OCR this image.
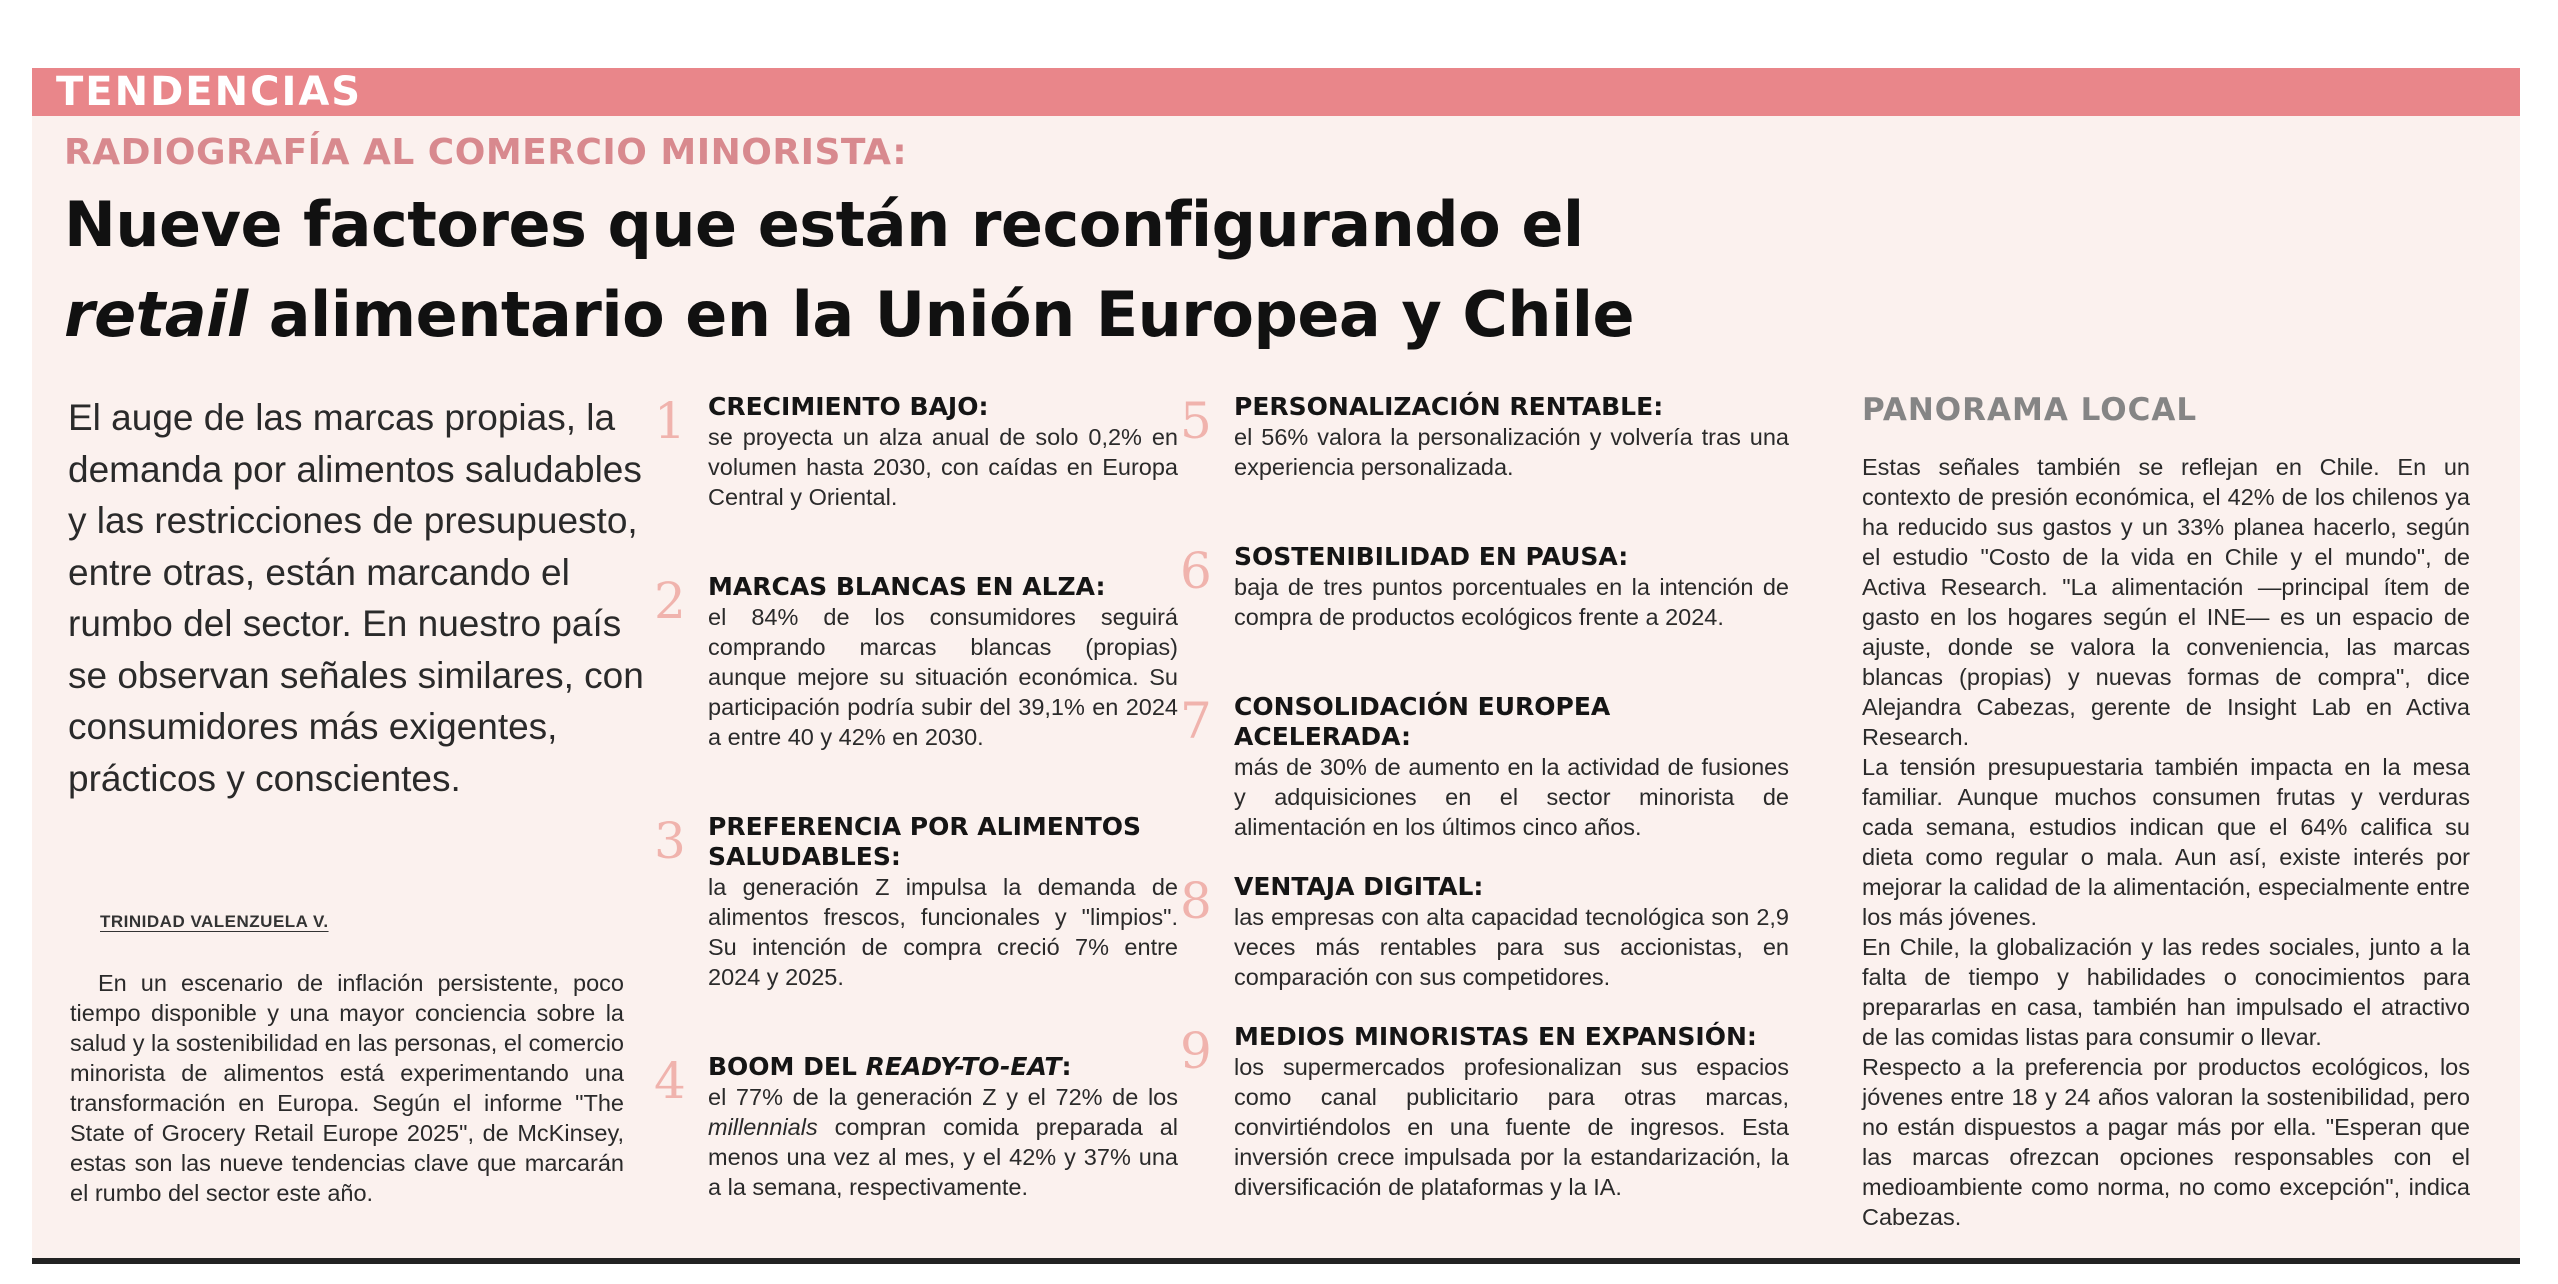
TENDENCIAS
RADIOGRAFÍA AL COMERCIO MINORISTA:
Nueve factores que están reconfigurando el
retail alimentario en la Unión Europea y Chile
El auge de las marcas propias, la demanda por alimentos saludables y las restricciones de presupuesto, entre otras, están marcando el rumbo del sector. En nuestro país se observan señales similares, con consumidores más exigentes, prácticos y conscientes.
TRINIDAD VALENZUELA V.
En un escenario de inflación persistente, poco tiempo disponible y una mayor conciencia sobre la salud y la sostenibilidad en las personas, el comercio minorista de alimentos está experimentando una transformación en Europa. Según el informe "The State of Grocery Retail Europe 2025", de McKinsey, estas son las nueve tendencias clave que marcarán el rumbo del sector este año.
1 CRECIMIENTO BAJO:
se proyecta un alza anual de solo 0,2% en volumen hasta 2030, con caídas en Europa Central y Oriental.
2 MARCAS BLANCAS EN ALZA:
el 84% de los consumidores seguirá comprando marcas blancas (propias) aunque mejore su situación económica. Su participación podría subir del 39,1% en 2024 a entre 40 y 42% en 2030.
3 PREFERENCIA POR ALIMENTOS SALUDABLES:
la generación Z impulsa la demanda de alimentos frescos, funcionales y "limpios". Su intención de compra creció 7% entre 2024 y 2025.
4 BOOM DEL READY-TO-EAT:
el 77% de la generación Z y el 72% de los millennials compran comida preparada al menos una vez al mes, y el 42% y 37% una a la semana, respectivamente.
5 PERSONALIZACIÓN RENTABLE:
el 56% valora la personalización y volvería tras una experiencia personalizada.
6 SOSTENIBILIDAD EN PAUSA:
baja de tres puntos porcentuales en la intención de compra de productos ecológicos frente a 2024.
7 CONSOLIDACIÓN EUROPEA ACELERADA:
más de 30% de aumento en la actividad de fusiones y adquisiciones en el sector minorista de alimentación en los últimos cinco años.
8 VENTAJA DIGITAL:
las empresas con alta capacidad tecnológica son 2,9 veces más rentables para sus accionistas, en comparación con sus competidores.
9 MEDIOS MINORISTAS EN EXPANSIÓN:
los supermercados profesionalizan sus espacios como canal publicitario para otras marcas, convirtiéndolos en una fuente de ingresos. Esta inversión crece impulsada por la estandarización, la diversificación de plataformas y la IA.
PANORAMA LOCAL

Estas señales también se reflejan en Chile. En un contexto de presión económica, el 42% de los chilenos ya ha reducido sus gastos y un 33% planea hacerlo, según el estudio "Costo de la vida en Chile y el mundo", de Activa Research. "La alimentación —principal ítem de gasto en los hogares según el INE— es un espacio de ajuste, donde se valora la conveniencia, las marcas blancas (propias) y nuevas formas de compra", dice Alejandra Cabezas, gerente de Insight Lab en Activa Research.

La tensión presupuestaria también impacta en la mesa familiar. Aunque muchos consumen frutas y verduras cada semana, estudios indican que el 64% califica su dieta como regular o mala. Aun así, existe interés por mejorar la calidad de la alimentación, especialmente entre los más jóvenes.

En Chile, la globalización y las redes sociales, junto a la falta de tiempo y habilidades o conocimientos para prepararlas en casa, también han impulsado el atractivo de las comidas listas para consumir o llevar.

Respecto a la preferencia por productos ecológicos, los jóvenes entre 18 y 24 años valoran la sostenibilidad, pero no están dispuestos a pagar más por ella. "Esperan que las marcas ofrezcan opciones responsables con el medioambiente como norma, no como excepción", indica Cabezas.
